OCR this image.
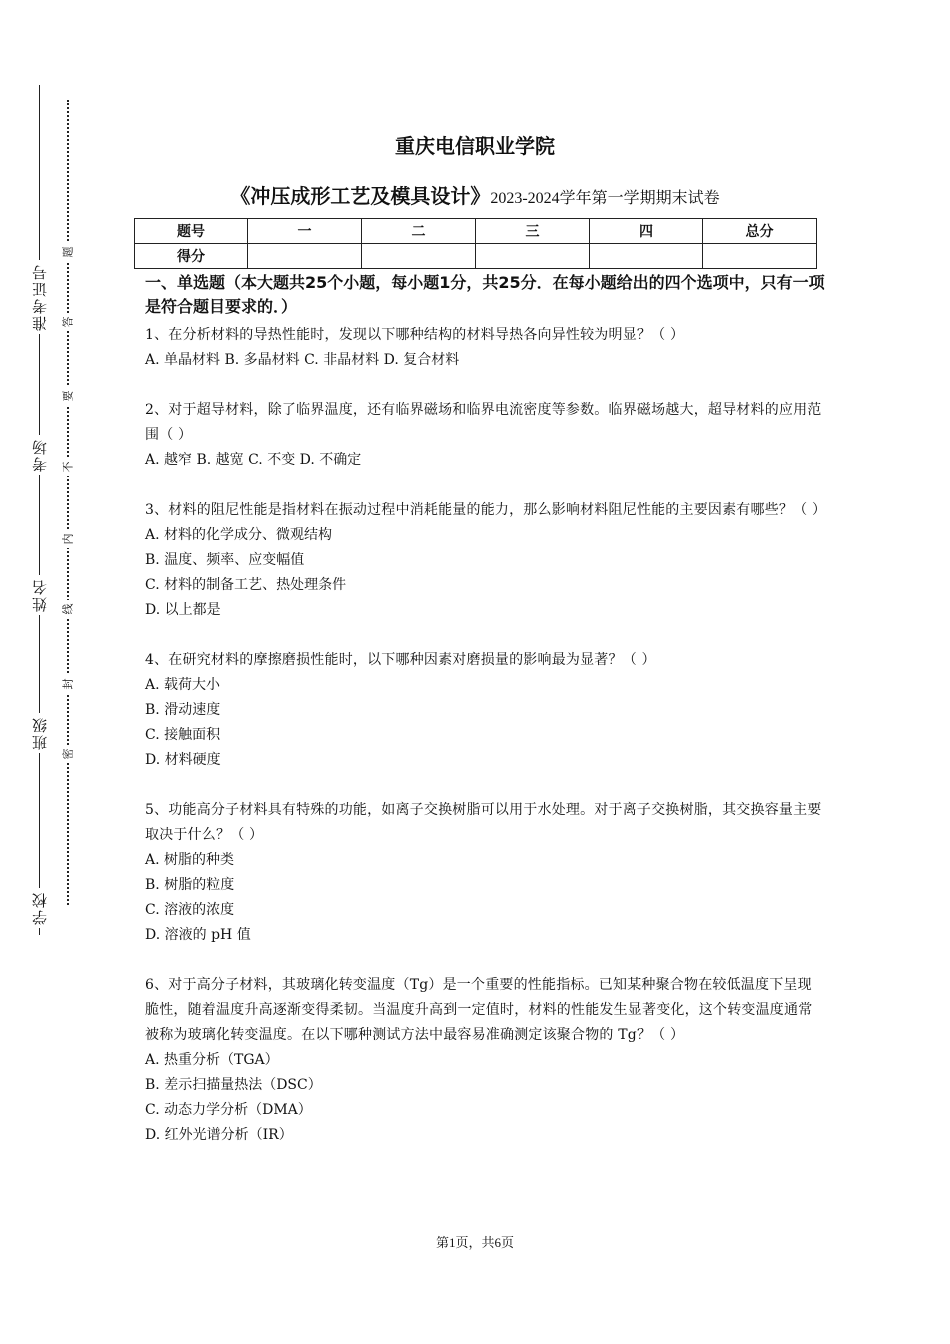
学校
班级
姓名
考场
准考证号
题
答
要
不
内
线
封
密
重庆电信职业学院
《冲压成形工艺及模具设计》2023-2024学年第一学期期末试卷
题号	一	二	三	四	总分
得分					
一、单选题（本大题共25个小题，每小题1分，共25分．在每小题给出的四个选项中，只有一项是符合题目要求的．）
1、在分析材料的导热性能时，发现以下哪种结构的材料导热各向异性较为明显？（ ）
A. 单晶材料 B. 多晶材料 C. 非晶材料 D. 复合材料
2、对于超导材料，除了临界温度，还有临界磁场和临界电流密度等参数。临界磁场越大，超导材料的应用范围（ ）
A. 越窄 B. 越宽 C. 不变 D. 不确定
3、材料的阻尼性能是指材料在振动过程中消耗能量的能力，那么影响材料阻尼性能的主要因素有哪些？（ ）
A. 材料的化学成分、微观结构
B. 温度、频率、应变幅值
C. 材料的制备工艺、热处理条件
D. 以上都是
4、在研究材料的摩擦磨损性能时，以下哪种因素对磨损量的影响最为显著？（ ）
A. 载荷大小
B. 滑动速度
C. 接触面积
D. 材料硬度
5、功能高分子材料具有特殊的功能，如离子交换树脂可以用于水处理。对于离子交换树脂，其交换容量主要取决于什么？（ ）
A. 树脂的种类
B. 树脂的粒度
C. 溶液的浓度
D. 溶液的 pH 值
6、对于高分子材料，其玻璃化转变温度（Tg）是一个重要的性能指标。已知某种聚合物在较低温度下呈现脆性，随着温度升高逐渐变得柔韧。当温度升高到一定值时，材料的性能发生显著变化，这个转变温度通常被称为玻璃化转变温度。在以下哪种测试方法中最容易准确测定该聚合物的 Tg？（ ）
A. 热重分析（TGA）
B. 差示扫描量热法（DSC）
C. 动态力学分析（DMA）
D. 红外光谱分析（IR）
第1页，共6页
